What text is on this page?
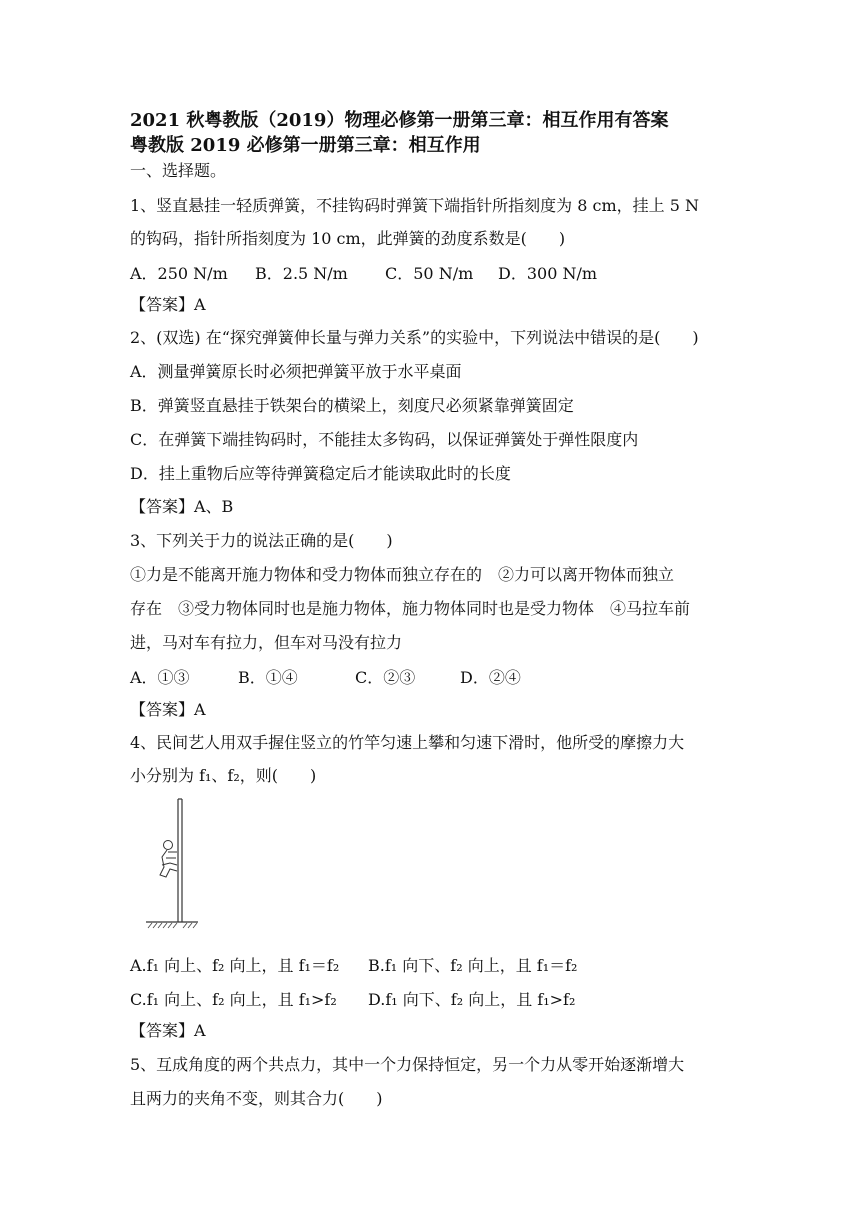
2021 秋粤教版（2019）物理必修第一册第三章：相互作用有答案
粤教版 2019 必修第一册第三章：相互作用
一、选择题。
1、竖直悬挂一轻质弹簧，不挂钩码时弹簧下端指针所指刻度为 8 cm，挂上 5 N
的钩码，指针所指刻度为 10 cm，此弹簧的劲度系数是(　　)
A．250 N/m B．2.5 N/m C．50 N/m D．300 N/m
【答案】A
2、(双选) 在“探究弹簧伸长量与弹力关系”的实验中，下列说法中错误的是(　　)
A．测量弹簧原长时必须把弹簧平放于水平桌面
B．弹簧竖直悬挂于铁架台的横梁上，刻度尺必须紧靠弹簧固定
C．在弹簧下端挂钩码时，不能挂太多钩码，以保证弹簧处于弹性限度内
D．挂上重物后应等待弹簧稳定后才能读取此时的长度
【答案】A、B
3、下列关于力的说法正确的是(　　)
①力是不能离开施力物体和受力物体而独立存在的　②力可以离开物体而独立
存在　③受力物体同时也是施力物体，施力物体同时也是受力物体　④马拉车前
进，马对车有拉力，但车对马没有拉力
A．①③	B．①④	C．②③	D．②④
【答案】A
4、民间艺人用双手握住竖立的竹竿匀速上攀和匀速下滑时，他所受的摩擦力大
小分别为 f₁、f₂，则(　　)
A.f₁ 向上、f₂ 向上，且 f₁＝f₂ B.f₁ 向下、f₂ 向上，且 f₁＝f₂
C.f₁ 向上、f₂ 向上，且 f₁>f₂ D.f₁ 向下、f₂ 向上，且 f₁>f₂
【答案】A
5、互成角度的两个共点力，其中一个力保持恒定，另一个力从零开始逐渐增大
且两力的夹角不变，则其合力(　　)
